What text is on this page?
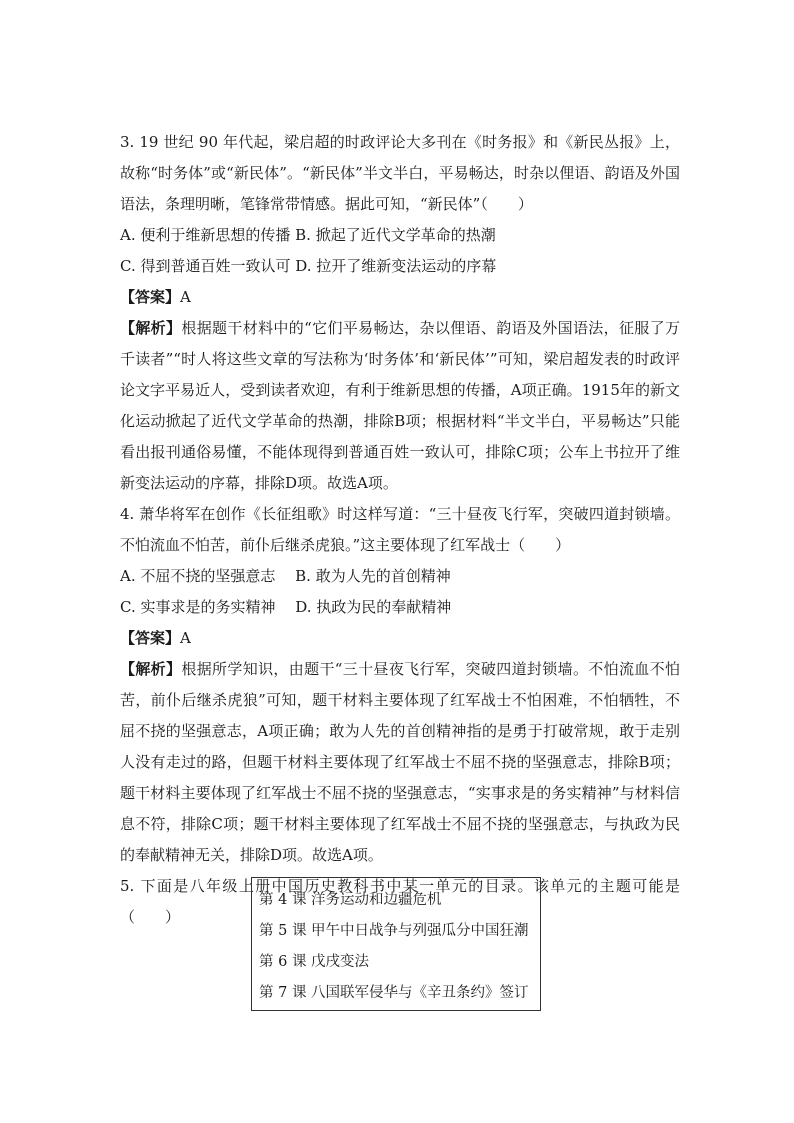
3. 19 世纪 90 年代起，梁启超的时政评论大多刊在《时务报》和《新民丛报》上，故称“时务体”或“新民体”。“新民体”半文半白，平易畅达，时杂以俚语、韵语及外国语法，条理明晰，笔锋常带情感。据此可知，“新民体”（　　）

A. 便利于维新思想的传播 B. 掀起了近代文学革命的热潮
C. 得到普通百姓一致认可 D. 拉开了维新变法运动的序幕
【答案】A

【解析】根据题干材料中的“它们平易畅达，杂以俚语、韵语及外国语法，征服了万千读者”“时人将这些文章的写法称为‘时务体’和‘新民体’”可知，梁启超发表的时政评论文字平易近人，受到读者欢迎，有利于维新思想的传播，A项正确。1915年的新文化运动掀起了近代文学革命的热潮，排除B项；根据材料“半文半白，平易畅达”只能看出报刊通俗易懂，不能体现得到普通百姓一致认可，排除C项；公车上书拉开了维新变法运动的序幕，排除D项。故选A项。

4. 萧华将军在创作《长征组歌》时这样写道：“三十昼夜飞行军，突破四道封锁墙。不怕流血不怕苦，前仆后继杀虎狼。”这主要体现了红军战士（　　）

A. 不屈不挠的坚强意志　 B. 敢为人先的首创精神
C. 实事求是的务实精神　 D. 执政为民的奉献精神
【答案】A

【解析】根据所学知识，由题干“三十昼夜飞行军，突破四道封锁墙。不怕流血不怕苦，前仆后继杀虎狼”可知，题干材料主要体现了红军战士不怕困难，不怕牺牲，不屈不挠的坚强意志，A项正确；敢为人先的首创精神指的是勇于打破常规，敢于走别人没有走过的路，但题干材料主要体现了红军战士不屈不挠的坚强意志，排除B项；题干材料主要体现了红军战士不屈不挠的坚强意志，“实事求是的务实精神”与材料信息不符，排除C项；题干材料主要体现了红军战士不屈不挠的坚强意志，与执政为民的奉献精神无关，排除D项。故选A项。

5. 下面是八年级上册中国历史教科书中某一单元的目录。该单元的主题可能是（　　）

第 4 课 洋务运动和边疆危机
第 5 课 甲午中日战争与列强瓜分中国狂潮
第 6 课 戊戌变法
第 7 课 八国联军侵华与《辛丑条约》签订
